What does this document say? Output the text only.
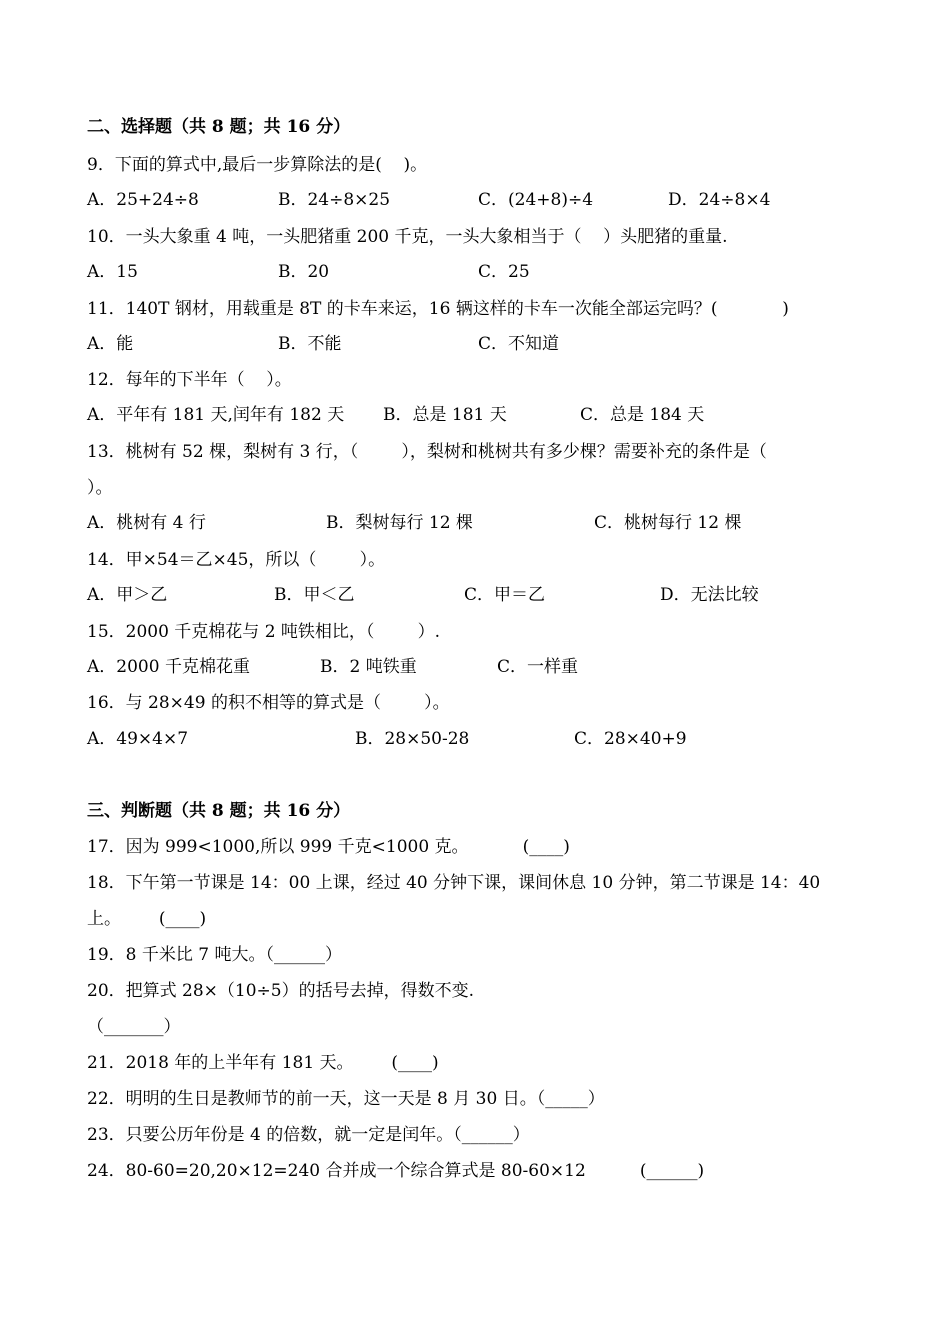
二、选择题（共 8 题；共 16 分）
9．下面的算式中,最后一步算除法的是(    )。
A．25+24÷8	B．24÷8×25	C．(24+8)÷4	D．24÷8×4
10．一头大象重 4 吨，一头肥猪重 200 千克，一头大象相当于（    ）头肥猪的重量.
A．15	B．20	C．25
11．140T 钢材，用载重是 8T 的卡车来运，16 辆这样的卡车一次能全部运完吗？(            )
A．能	B．不能	C．不知道
12．每年的下半年（    ）。
A．平年有 181 天,闰年有 182 天 B．总是 181 天	C．总是 184 天
13．桃树有 52 棵，梨树有 3 行，（        ），梨树和桃树共有多少棵？需要补充的条件是（
）。
A．桃树有 4 行	B．梨树每行 12 棵	C．桃树每行 12 棵
14．甲×54＝乙×45，所以（        ）。
A．甲＞乙	B．甲＜乙	C．甲＝乙	D．无法比较
15．2000 千克棉花与 2 吨铁相比，（        ）.
A．2000 千克棉花重	B．2 吨铁重	C．一样重
16．与 28×49 的积不相等的算式是（        ）。
A．49×4×7	B．28×50-28	C．28×40+9
三、判断题（共 8 题；共 16 分）
17．因为 999<1000,所以 999 千克<1000 克。          (____)
18．下午第一节课是 14：00 上课，经过 40 分钟下课，课间休息 10 分钟，第二节课是 14：40
上。       (____)
19．8 千米比 7 吨大。（______）
20．把算式 28×（10÷5）的括号去掉，得数不变.
（_______）
21．2018 年的上半年有 181 天。       (____)
22．明明的生日是教师节的前一天，这一天是 8 月 30 日。（_____）
23．只要公历年份是 4 的倍数，就一定是闰年。（______）
24．80-60=20,20×12=240 合并成一个综合算式是 80-60×12          (______)
